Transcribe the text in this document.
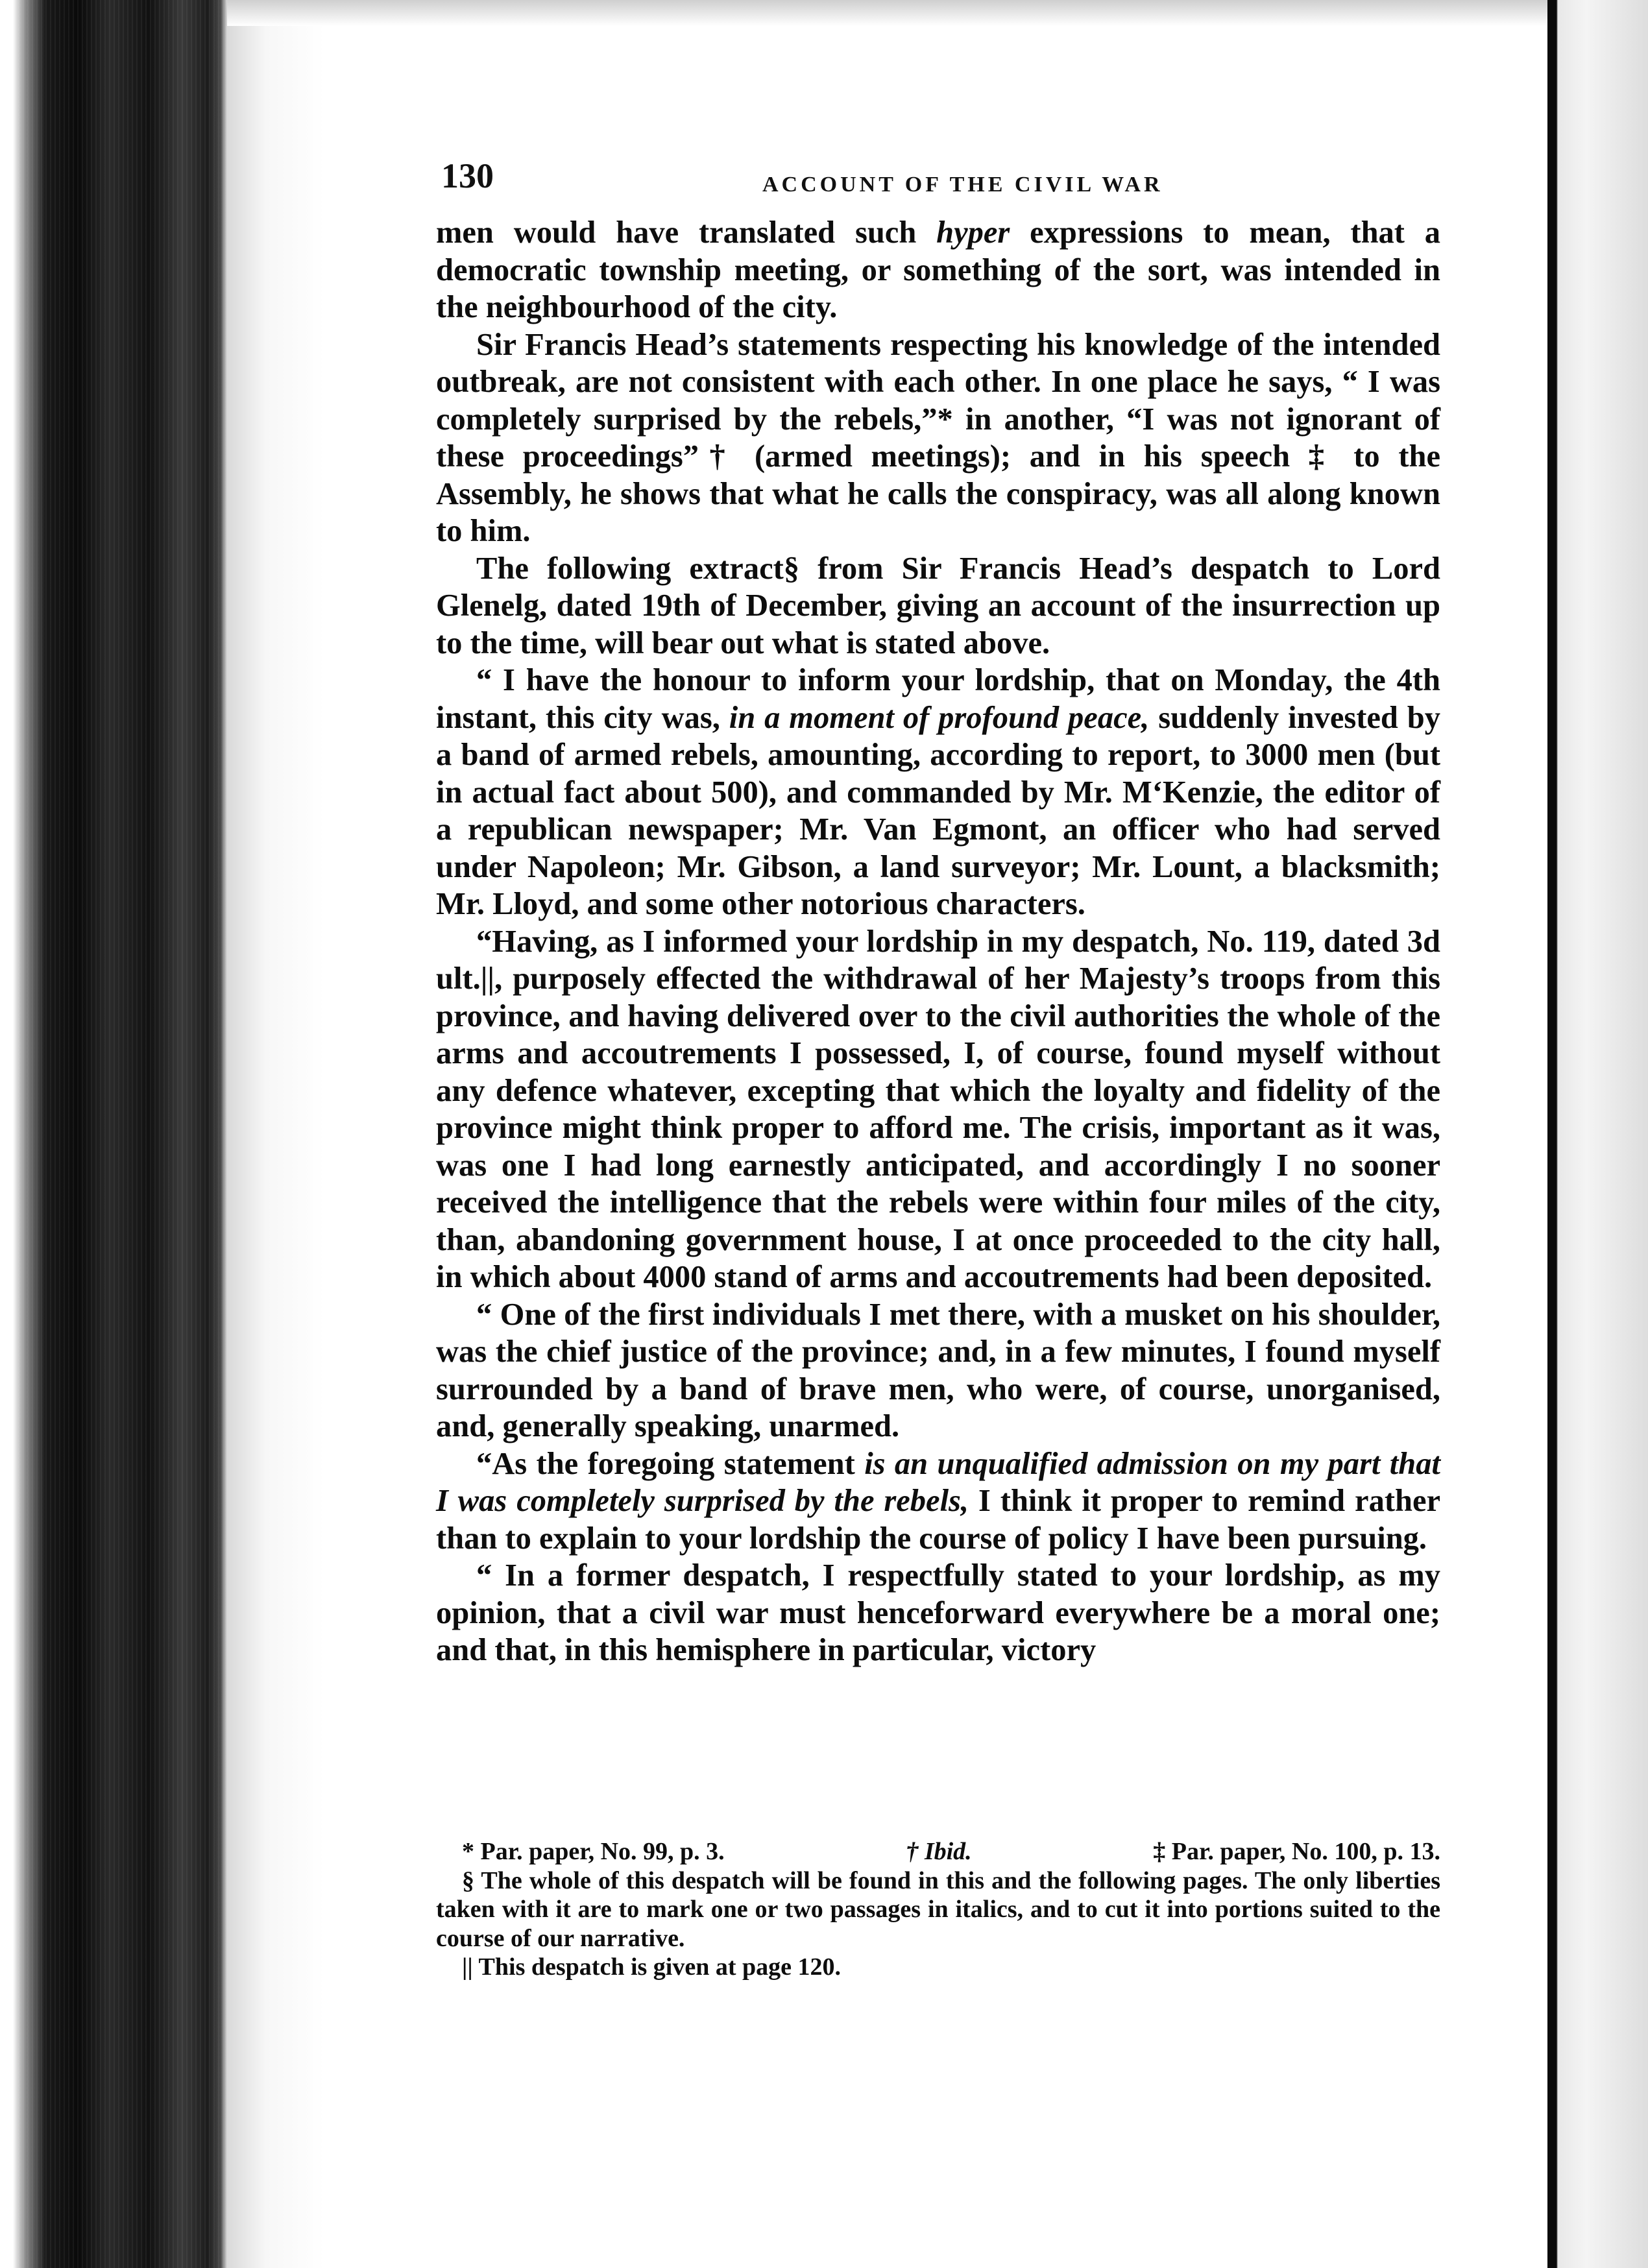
130	ACCOUNT OF THE CIVIL WAR

men would have translated such hyper expressions to mean, that a democratic township meeting, or something of the sort, was intended in the neighbourhood of the city.

Sir Francis Head’s statements respecting his knowledge of the intended outbreak, are not consistent with each other. In one place he says, “ I was completely surprised by the rebels,”* in another, “I was not ignorant of these proceedings”† (armed meetings); and in his speech ‡ to the Assembly, he shows that what he calls the conspiracy, was all along known to him.

The following extract§ from Sir Francis Head’s despatch to Lord Glenelg, dated 19th of December, giving an account of the insurrection up to the time, will bear out what is stated above.

“ I have the honour to inform your lordship, that on Monday, the 4th instant, this city was, in a moment of profound peace, suddenly invested by a band of armed rebels, amounting, according to report, to 3000 men (but in actual fact about 500), and commanded by Mr. M‘Kenzie, the editor of a republican newspaper; Mr. Van Egmont, an officer who had served under Napoleon; Mr. Gibson, a land surveyor; Mr. Lount, a blacksmith; Mr. Lloyd, and some other notorious characters.

“Having, as I informed your lordship in my despatch, No. 119, dated 3d ult.||, purposely effected the withdrawal of her Majesty’s troops from this province, and having delivered over to the civil authorities the whole of the arms and accoutrements I possessed, I, of course, found myself without any defence whatever, excepting that which the loyalty and fidelity of the province might think proper to afford me. The crisis, important as it was, was one I had long earnestly anticipated, and accordingly I no sooner received the intelligence that the rebels were within four miles of the city, than, abandoning government house, I at once proceeded to the city hall, in which about 4000 stand of arms and accoutrements had been deposited.

“ One of the first individuals I met there, with a musket on his shoulder, was the chief justice of the province; and, in a few minutes, I found myself surrounded by a band of brave men, who were, of course, unorganised, and, generally speaking, unarmed.

“As the foregoing statement is an unqualified admission on my part that I was completely surprised by the rebels, I think it proper to remind rather than to explain to your lordship the course of policy I have been pursuing.

“ In a former despatch, I respectfully stated to your lordship, as my opinion, that a civil war must henceforward everywhere be a moral one; and that, in this hemisphere in particular, victory

* Par. paper, No. 99, p. 3.	† Ibid.	‡ Par. paper, No. 100, p. 13.

§ The whole of this despatch will be found in this and the following pages. The only liberties taken with it are to mark one or two passages in italics, and to cut it into portions suited to the course of our narrative.

|| This despatch is given at page 120.
